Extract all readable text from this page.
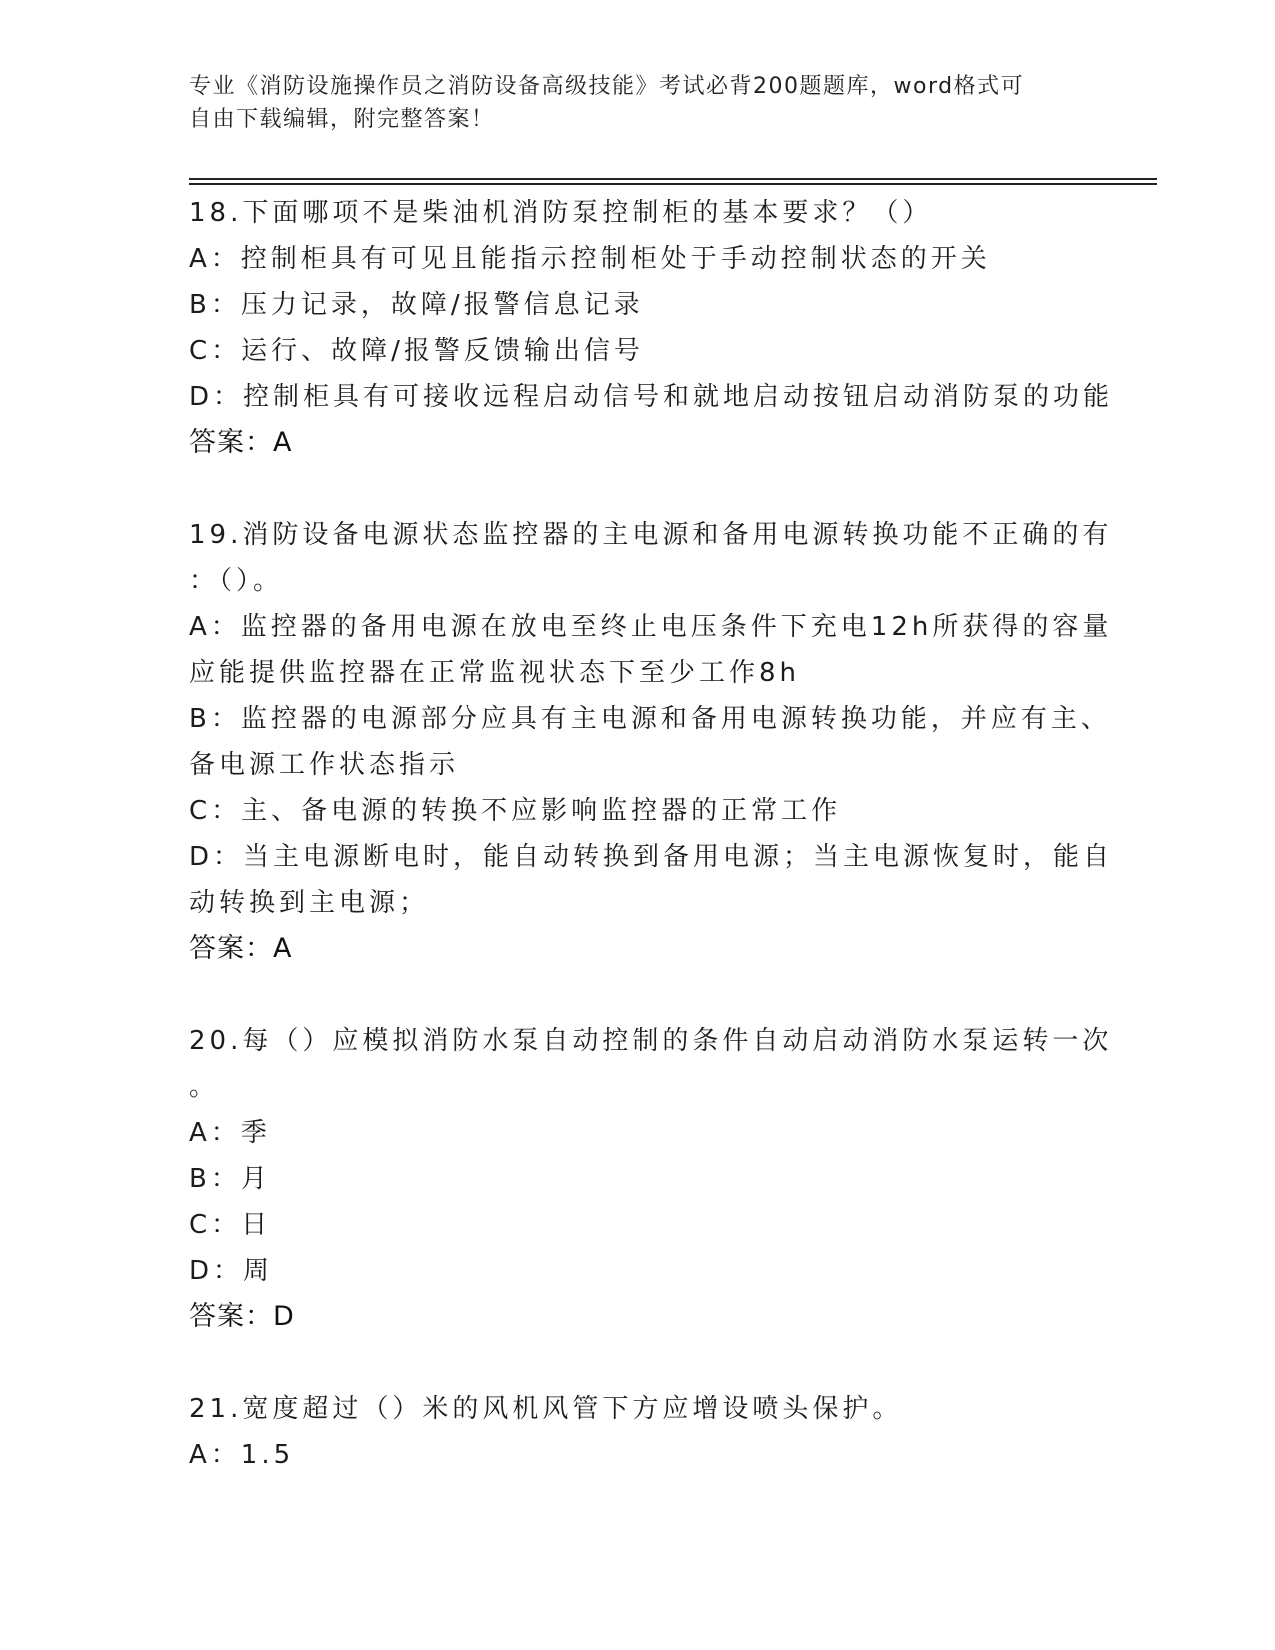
专业《消防设施操作员之消防设备高级技能》考试必背200题题库，word格式可
自由下载编辑，附完整答案！
18.下面哪项不是柴油机消防泵控制柜的基本要求？（）
A：控制柜具有可见且能指示控制柜处于手动控制状态的开关
B：压力记录，故障/报警信息记录
C：运行、故障/报警反馈输出信号
D：控制柜具有可接收远程启动信号和就地启动按钮启动消防泵的功能
答案：A
19.消防设备电源状态监控器的主电源和备用电源转换功能不正确的有
：（）。
A：监控器的备用电源在放电至终止电压条件下充电12h所获得的容量
应能提供监控器在正常监视状态下至少工作8h
B：监控器的电源部分应具有主电源和备用电源转换功能，并应有主、
备电源工作状态指示
C：主、备电源的转换不应影响监控器的正常工作
D：当主电源断电时，能自动转换到备用电源；当主电源恢复时，能自
动转换到主电源；
答案：A
20.每（）应模拟消防水泵自动控制的条件自动启动消防水泵运转一次
。
A：季
B：月
C：日
D：周
答案：D
21.宽度超过（）米的风机风管下方应增设喷头保护。
A：1.5
